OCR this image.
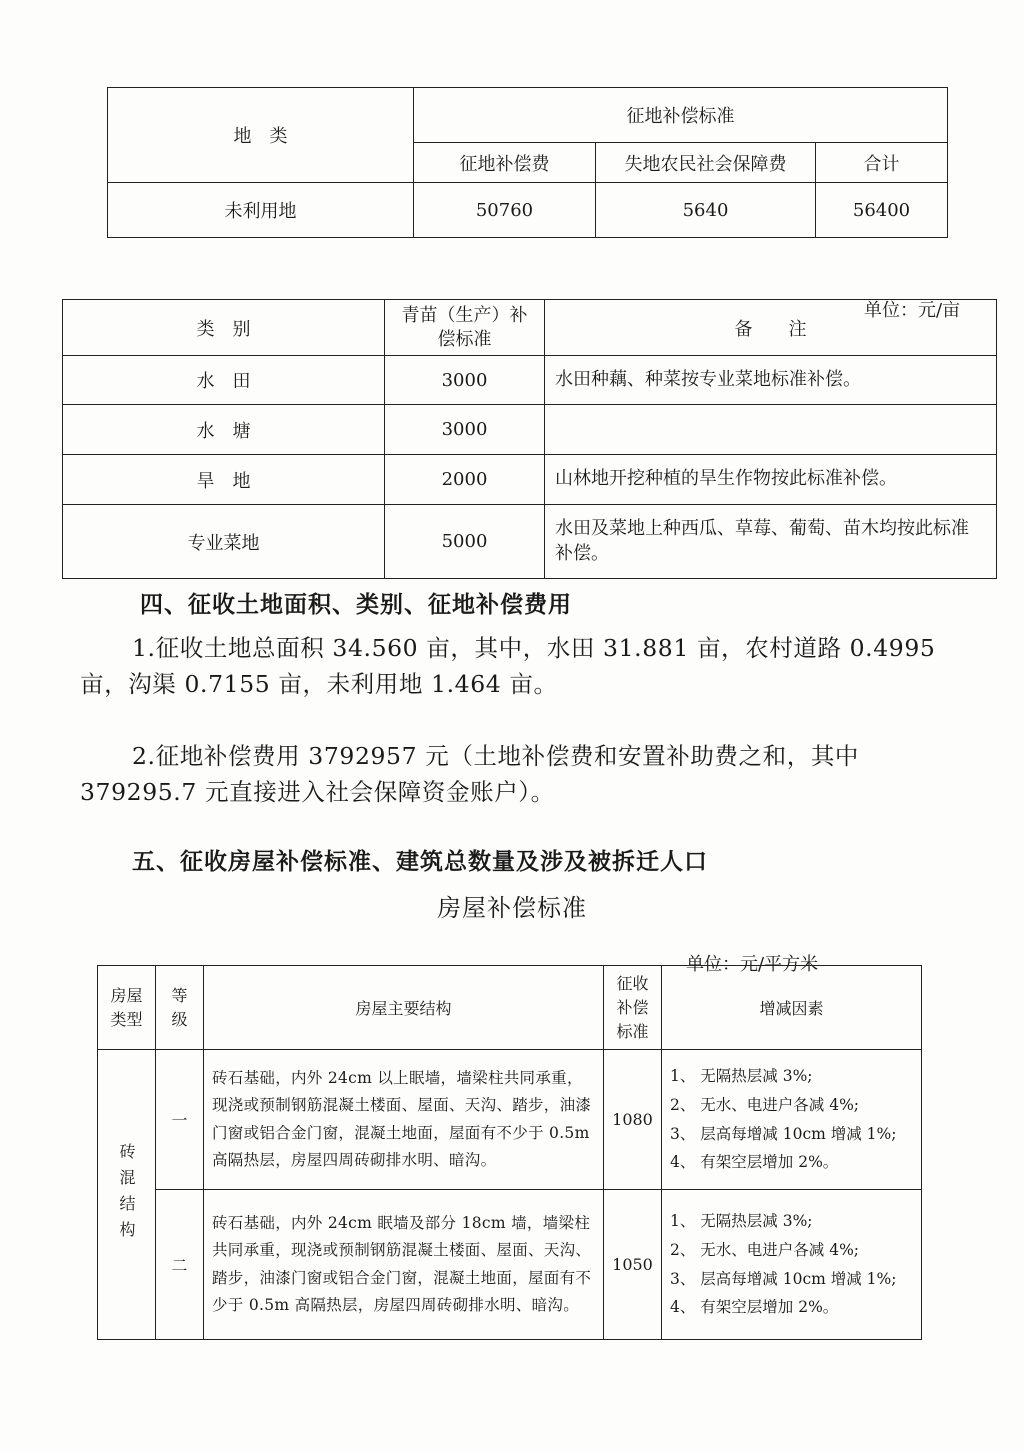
地　类	征地补偿标准		
	征地补偿费	失地农民社会保障费	合计
未利用地	50760	5640	56400
单位：元/亩
类　别	青苗（生产）补偿标准	备　　注
水　田	3000	水田种藕、种菜按专业菜地标准补偿。
水　塘	3000	
旱　地	2000	山林地开挖种植的旱生作物按此标准补偿。
专业菜地	5000	水田及菜地上种西瓜、草莓、葡萄、苗木均按此标准补偿。
四、征收土地面积、类别、征地补偿费用
1.征收土地总面积 34.560 亩，其中，水田 31.881 亩，农村道路 0.4995 亩，沟渠 0.7155 亩，未利用地 1.464 亩。
2.征地补偿费用 3792957 元（土地补偿费和安置补助费之和，其中 379295.7 元直接进入社会保障资金账户）。
五、征收房屋补偿标准、建筑总数量及涉及被拆迁人口
房屋补偿标准
单位：元/平方米
房屋类型	等级	房屋主要结构	征收补偿标准	增减因素

砖混结构	一	砖石基础，内外 24cm 以上眠墙，墙梁柱共同承重，现浇或预制钢筋混凝土楼面、屋面、天沟、踏步，油漆门窗或铝合金门窗，混凝土地面，屋面有不少于 0.5m 高隔热层，房屋四周砖砌排水明、暗沟。	1080	1、 无隔热层减 3%;
2、 无水、电进户各减 4%;
3、 层高每增减 10cm 增减 1%;
4、 有架空层增加 2%。

	二	砖石基础，内外 24cm 眠墙及部分 18cm 墙，墙梁柱共同承重，现浇或预制钢筋混凝土楼面、屋面、天沟、踏步，油漆门窗或铝合金门窗，混凝土地面，屋面有不少于 0.5m 高隔热层，房屋四周砖砌排水明、暗沟。	1050	1、 无隔热层减 3%;
2、 无水、电进户各减 4%;
3、 层高每增减 10cm 增减 1%;
4、 有架空层增加 2%。
